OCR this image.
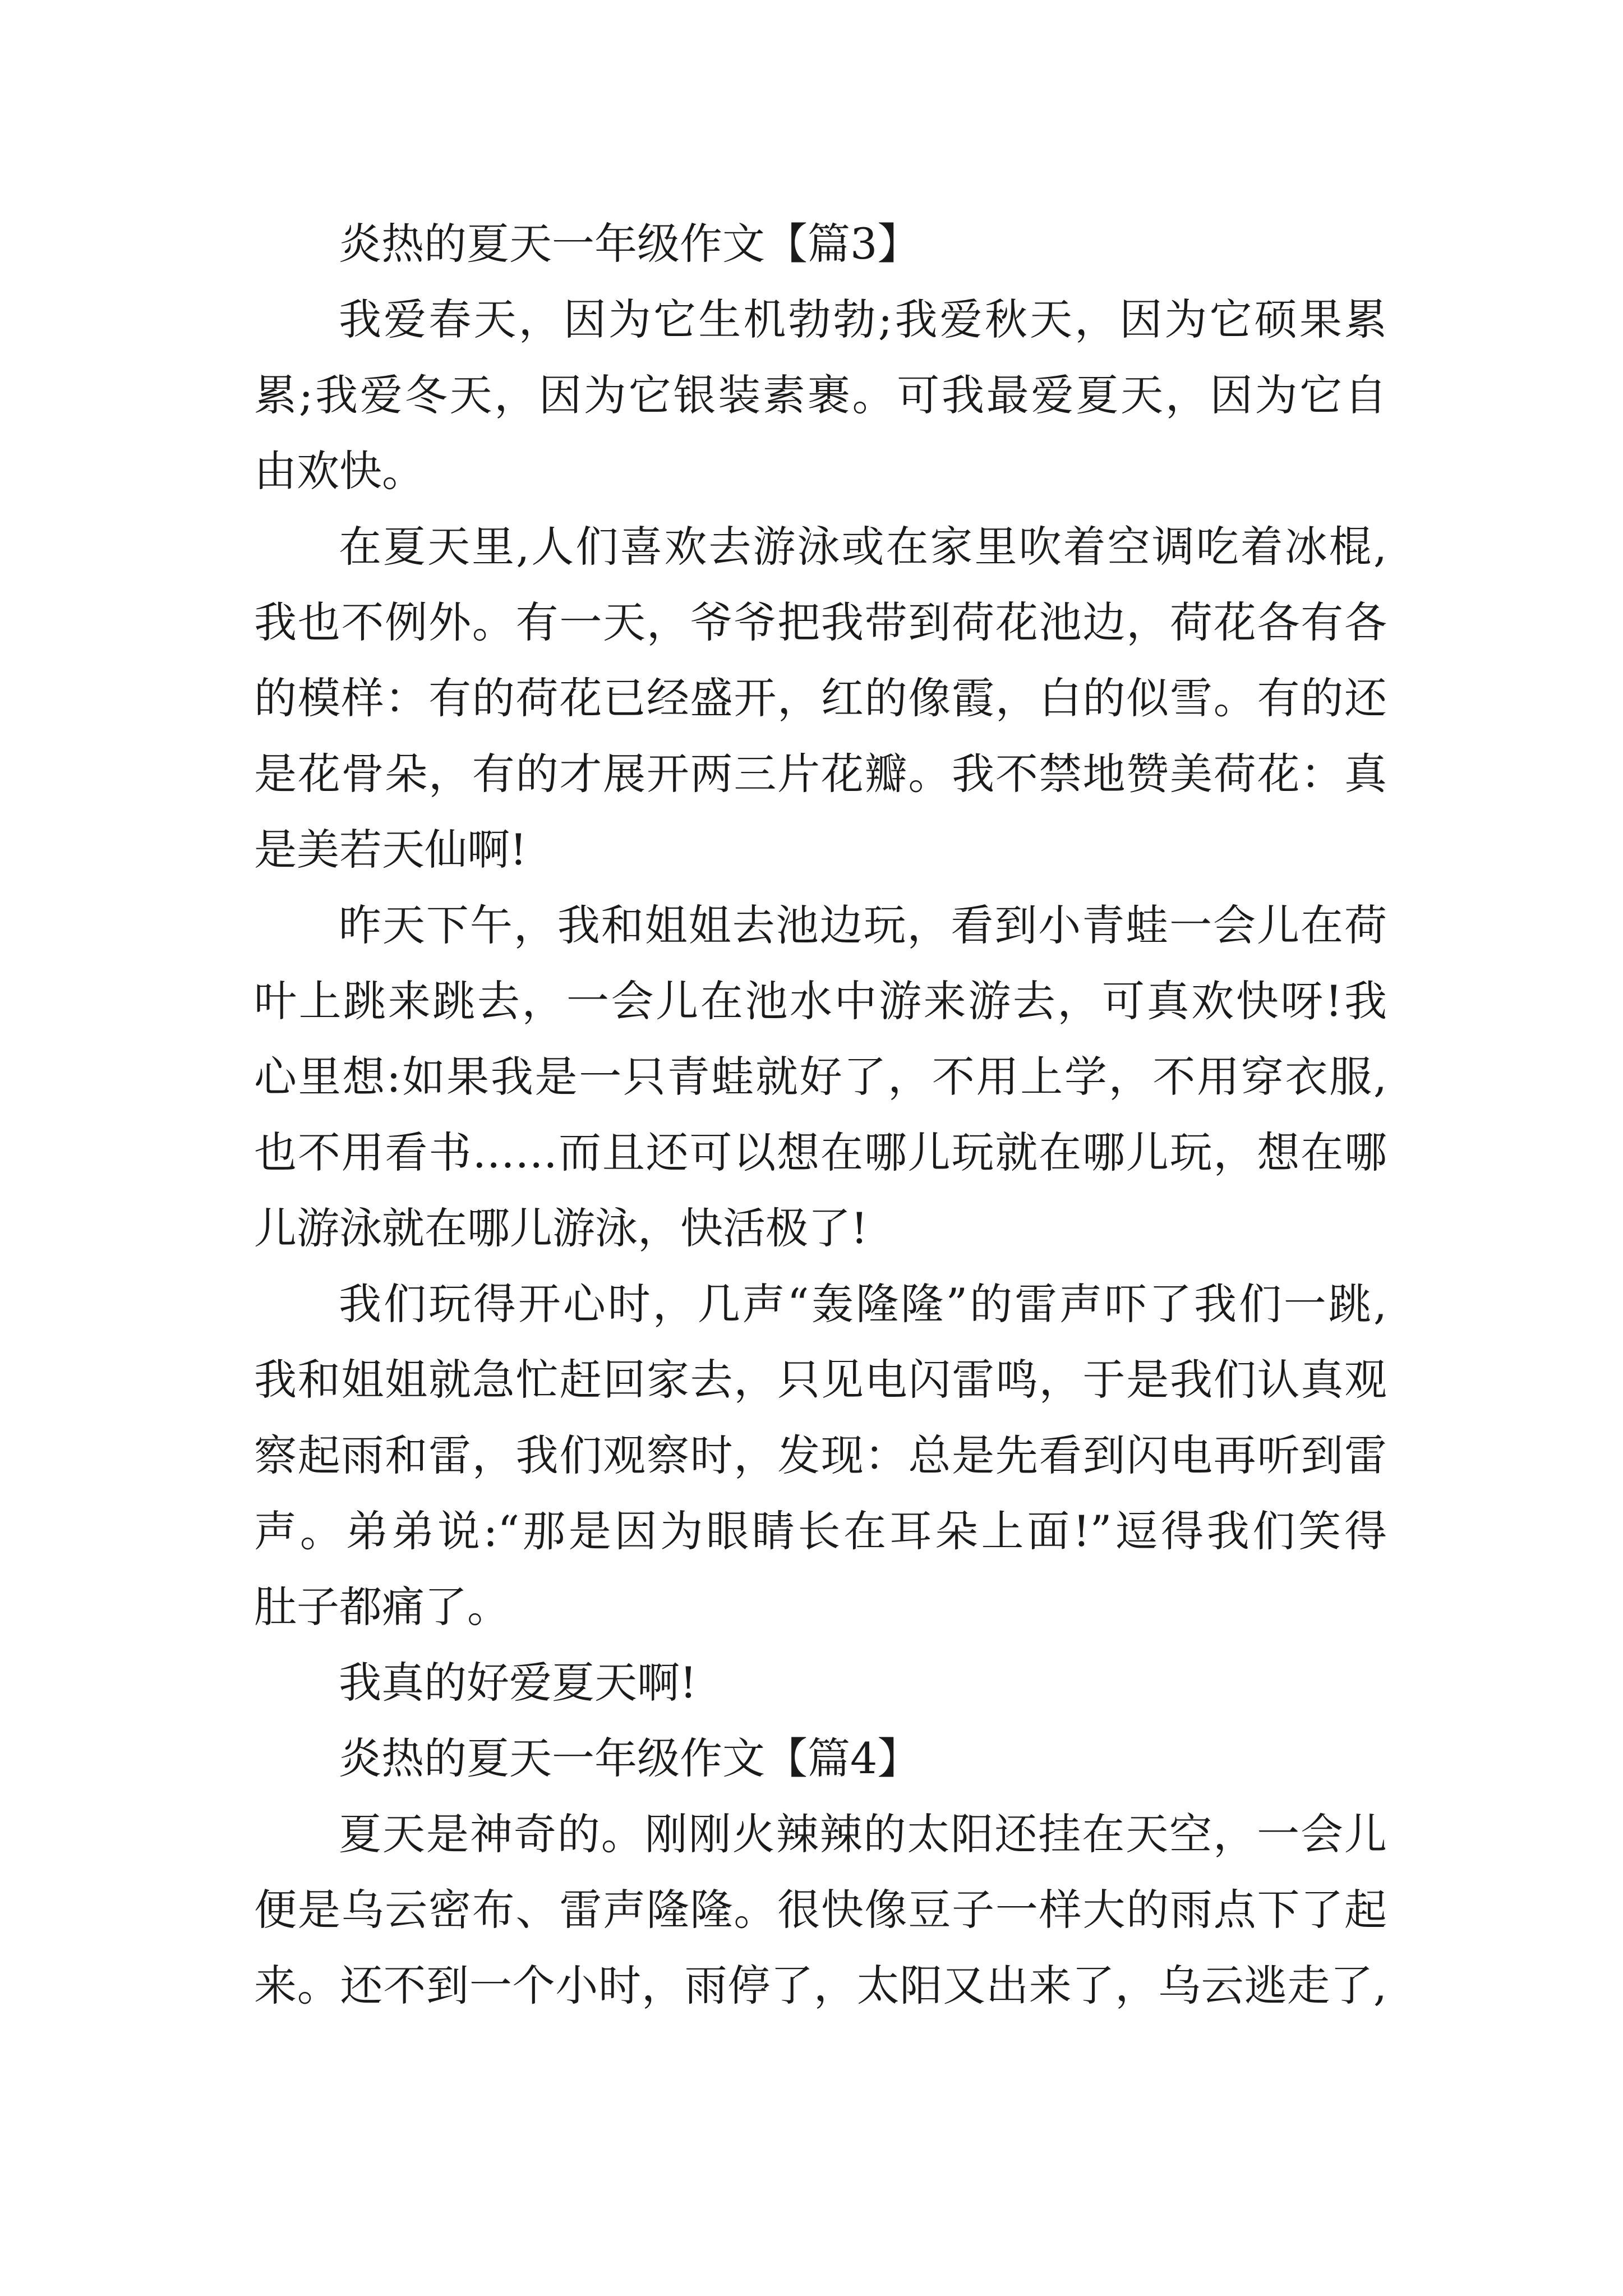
炎热的夏天一年级作文【篇3】

我爱春天，因为它生机勃勃;我爱秋天，因为它硕果累

累;我爱冬天，因为它银装素裹。可我最爱夏天，因为它自

由欢快。

在夏天里,人们喜欢去游泳或在家里吹着空调吃着冰棍,

我也不例外。有一天，爷爷把我带到荷花池边，荷花各有各

的模样：有的荷花已经盛开，红的像霞，白的似雪。有的还

是花骨朵，有的才展开两三片花瓣。我不禁地赞美荷花：真

是美若天仙啊!

昨天下午，我和姐姐去池边玩，看到小青蛙一会儿在荷

叶上跳来跳去，一会儿在池水中游来游去，可真欢快呀!我

心里想:如果我是一只青蛙就好了，不用上学，不用穿衣服,

也不用看书……而且还可以想在哪儿玩就在哪儿玩，想在哪

儿游泳就在哪儿游泳，快活极了!

我们玩得开心时，几声“轰隆隆”的雷声吓了我们一跳,

我和姐姐就急忙赶回家去，只见电闪雷鸣，于是我们认真观

察起雨和雷，我们观察时，发现：总是先看到闪电再听到雷

声。弟弟说:“那是因为眼睛长在耳朵上面!”逗得我们笑得

肚子都痛了。

我真的好爱夏天啊!

炎热的夏天一年级作文【篇4】

夏天是神奇的。刚刚火辣辣的太阳还挂在天空，一会儿

便是乌云密布、雷声隆隆。很快像豆子一样大的雨点下了起

来。还不到一个小时，雨停了，太阳又出来了，乌云逃走了,
